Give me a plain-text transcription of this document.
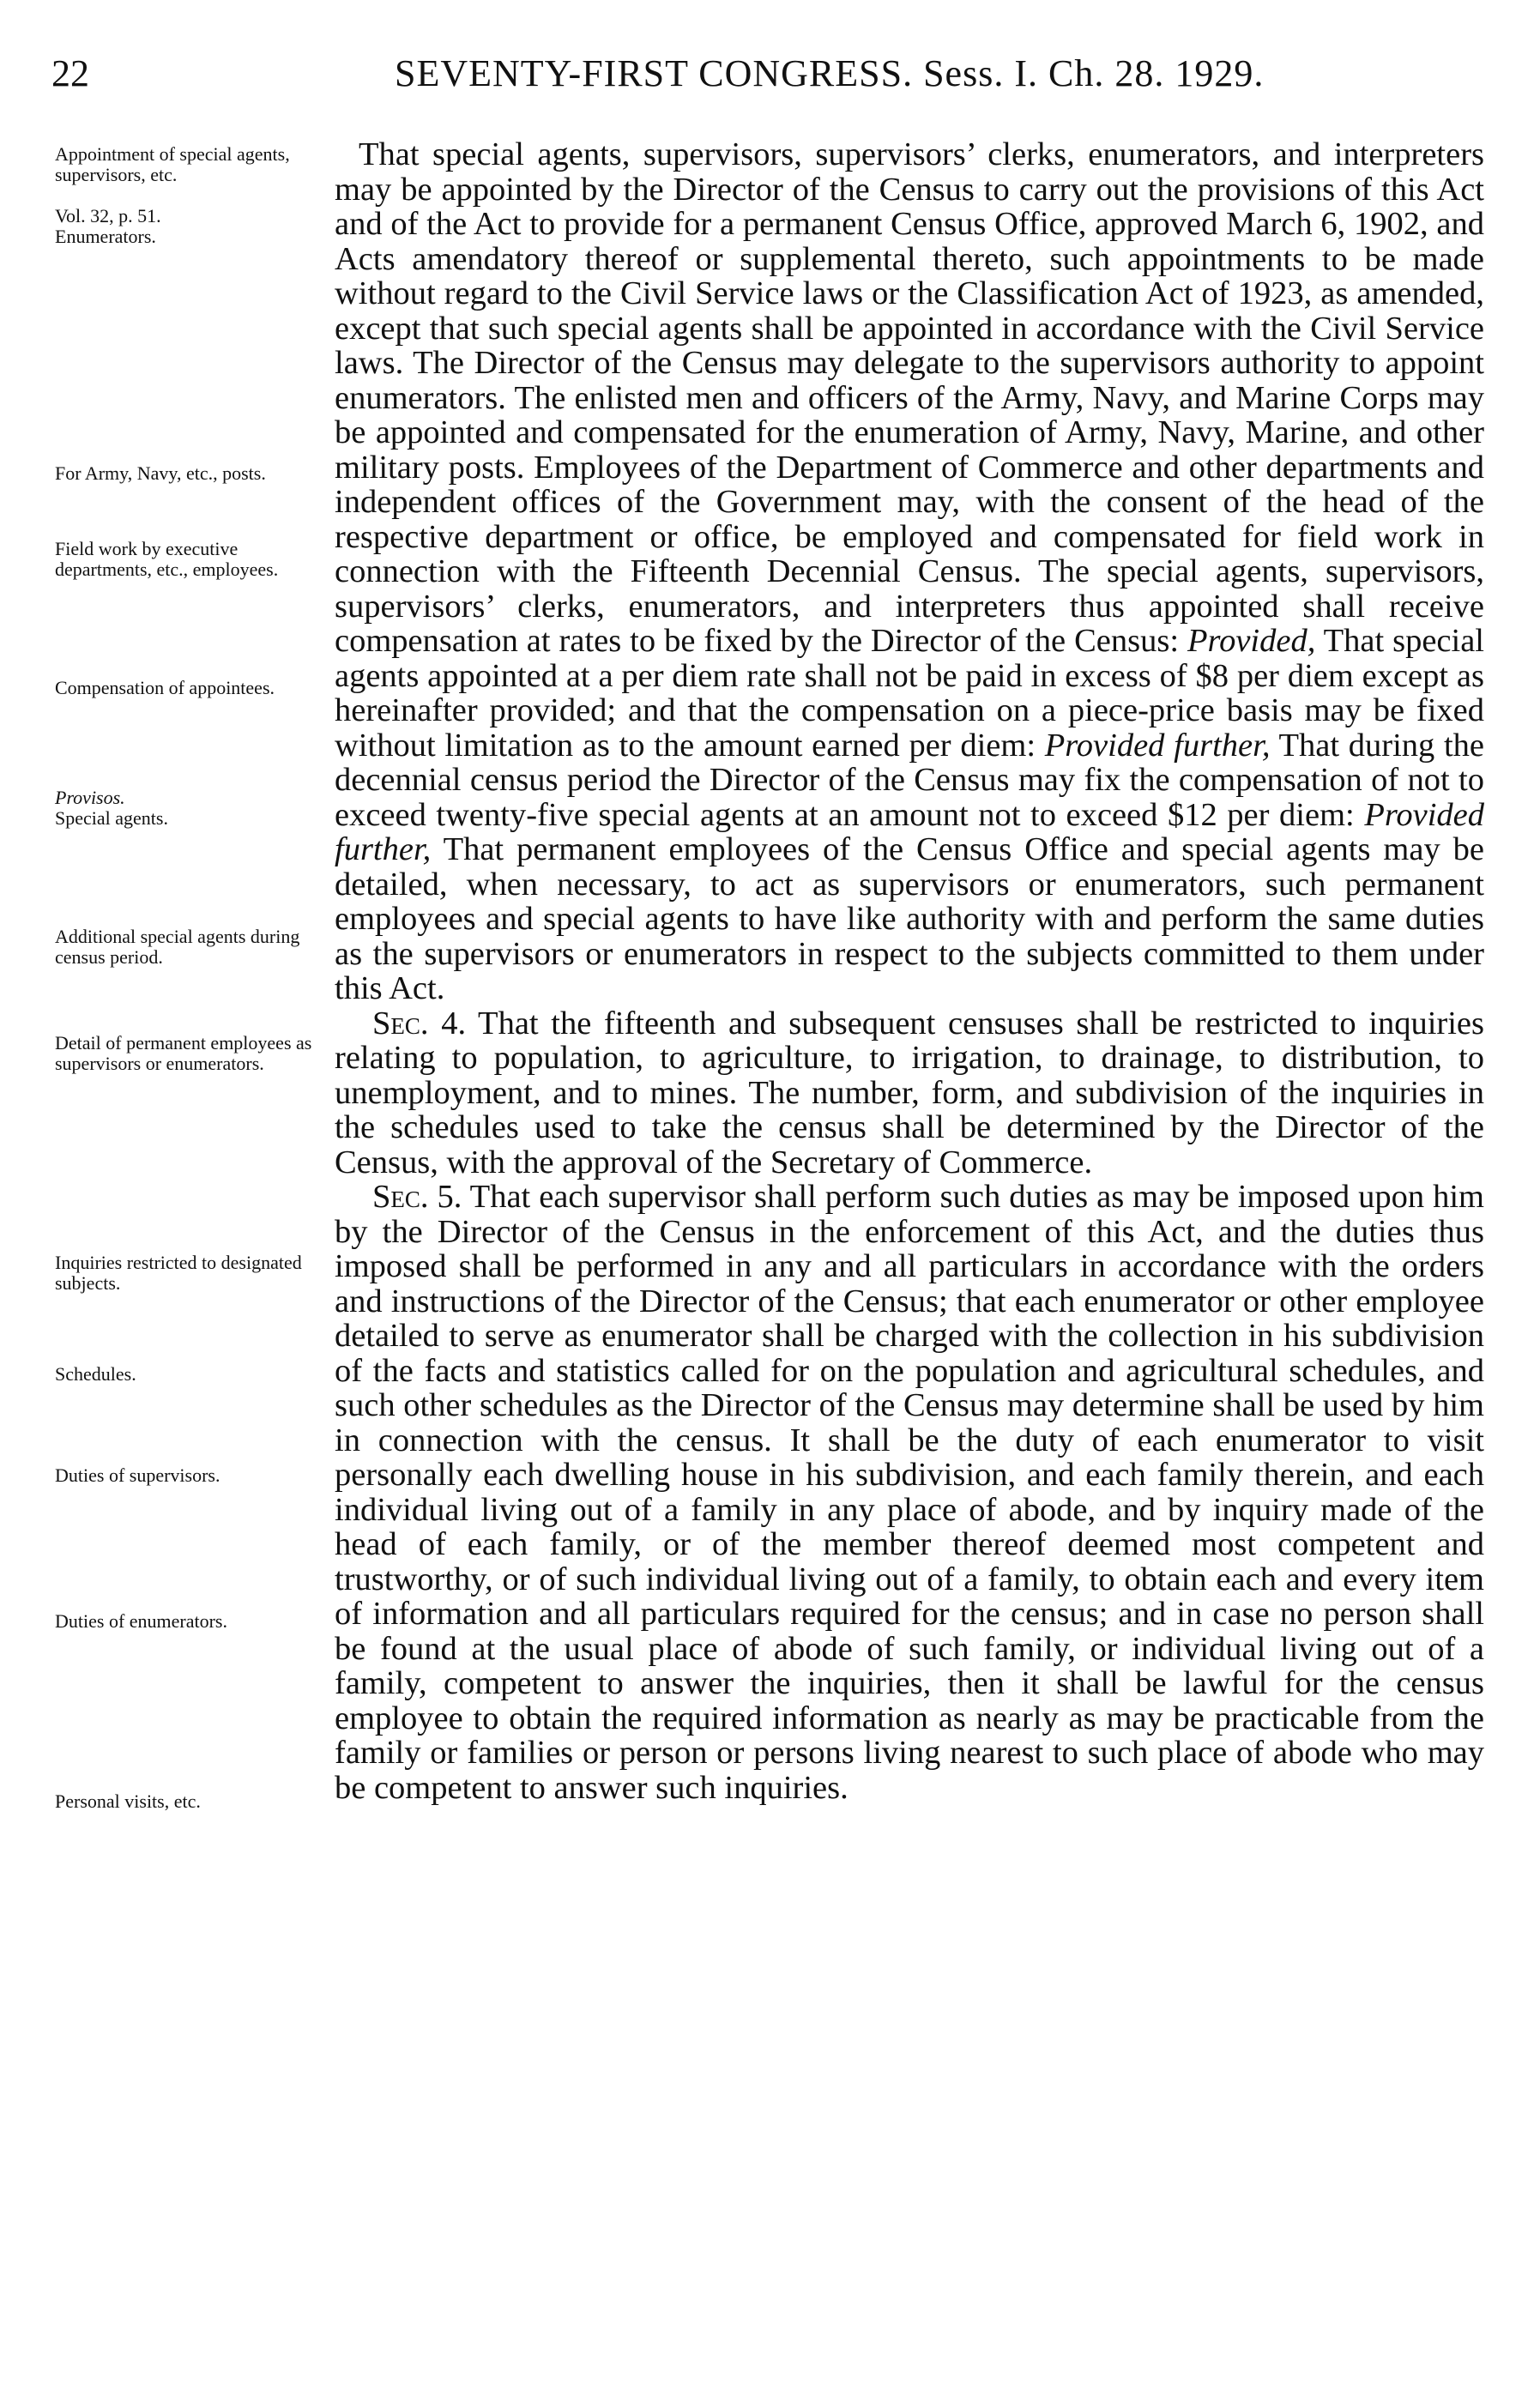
22	SEVENTY-FIRST CONGRESS. Sess. I. Ch. 28. 1929.
Appointment of special agents, supervisors, etc.
Vol. 32, p. 51.
Enumerators.
For Army, Navy, etc., posts.
Field work by executive departments, etc., employees.
Compensation of appointees.
Provisos.
Special agents.
Additional special agents during census period.
Detail of permanent employees as supervisors or enumerators.
Inquiries restricted to designated subjects.
Schedules.
Duties of supervisors.
Duties of enumerators.
Personal visits, etc.

That special agents, supervisors, supervisors’ clerks, enumerators, and interpreters may be appointed by the Director of the Census to carry out the provisions of this Act and of the Act to provide for a permanent Census Office, approved March 6, 1902, and Acts amendatory thereof or supplemental thereto, such appointments to be made without regard to the Civil Service laws or the Classification Act of 1923, as amended, except that such special agents shall be appointed in accordance with the Civil Service laws. The Director of the Census may delegate to the supervisors authority to appoint enumerators. The enlisted men and officers of the Army, Navy, and Marine Corps may be appointed and compensated for the enumeration of Army, Navy, Marine, and other military posts. Employees of the Department of Commerce and other departments and independent offices of the Government may, with the consent of the head of the respective department or office, be employed and compensated for field work in connection with the Fifteenth Decennial Census. The special agents, supervisors, supervisors’ clerks, enumerators, and interpreters thus appointed shall receive compensation at rates to be fixed by the Director of the Census: Provided, That special agents appointed at a per diem rate shall not be paid in excess of $8 per diem except as hereinafter provided; and that the compensation on a piece-price basis may be fixed without limitation as to the amount earned per diem: Provided further, That during the decennial census period the Director of the Census may fix the compensation of not to exceed twenty-five special agents at an amount not to exceed $12 per diem: Provided further, That permanent employees of the Census Office and special agents may be detailed, when necessary, to act as supervisors or enumerators, such permanent employees and special agents to have like authority with and perform the same duties as the supervisors or enumerators in respect to the subjects committed to them under this Act.

Sec. 4. That the fifteenth and subsequent censuses shall be restricted to inquiries relating to population, to agriculture, to irrigation, to drainage, to distribution, to unemployment, and to mines. The number, form, and subdivision of the inquiries in the schedules used to take the census shall be determined by the Director of the Census, with the approval of the Secretary of Commerce.

Sec. 5. That each supervisor shall perform such duties as may be imposed upon him by the Director of the Census in the enforcement of this Act, and the duties thus imposed shall be performed in any and all particulars in accordance with the orders and instructions of the Director of the Census; that each enumerator or other employee detailed to serve as enumerator shall be charged with the collection in his subdivision of the facts and statistics called for on the population and agricultural schedules, and such other schedules as the Director of the Census may determine shall be used by him in connection with the census. It shall be the duty of each enumerator to visit personally each dwelling house in his subdivision, and each family therein, and each individual living out of a family in any place of abode, and by inquiry made of the head of each family, or of the member thereof deemed most competent and trustworthy, or of such individual living out of a family, to obtain each and every item of information and all particulars required for the census; and in case no person shall be found at the usual place of abode of such family, or individual living out of a family, competent to answer the inquiries, then it shall be lawful for the census employee to obtain the required information as nearly as may be practicable from the family or families or person or persons living nearest to such place of abode who may be competent to answer such inquiries.
